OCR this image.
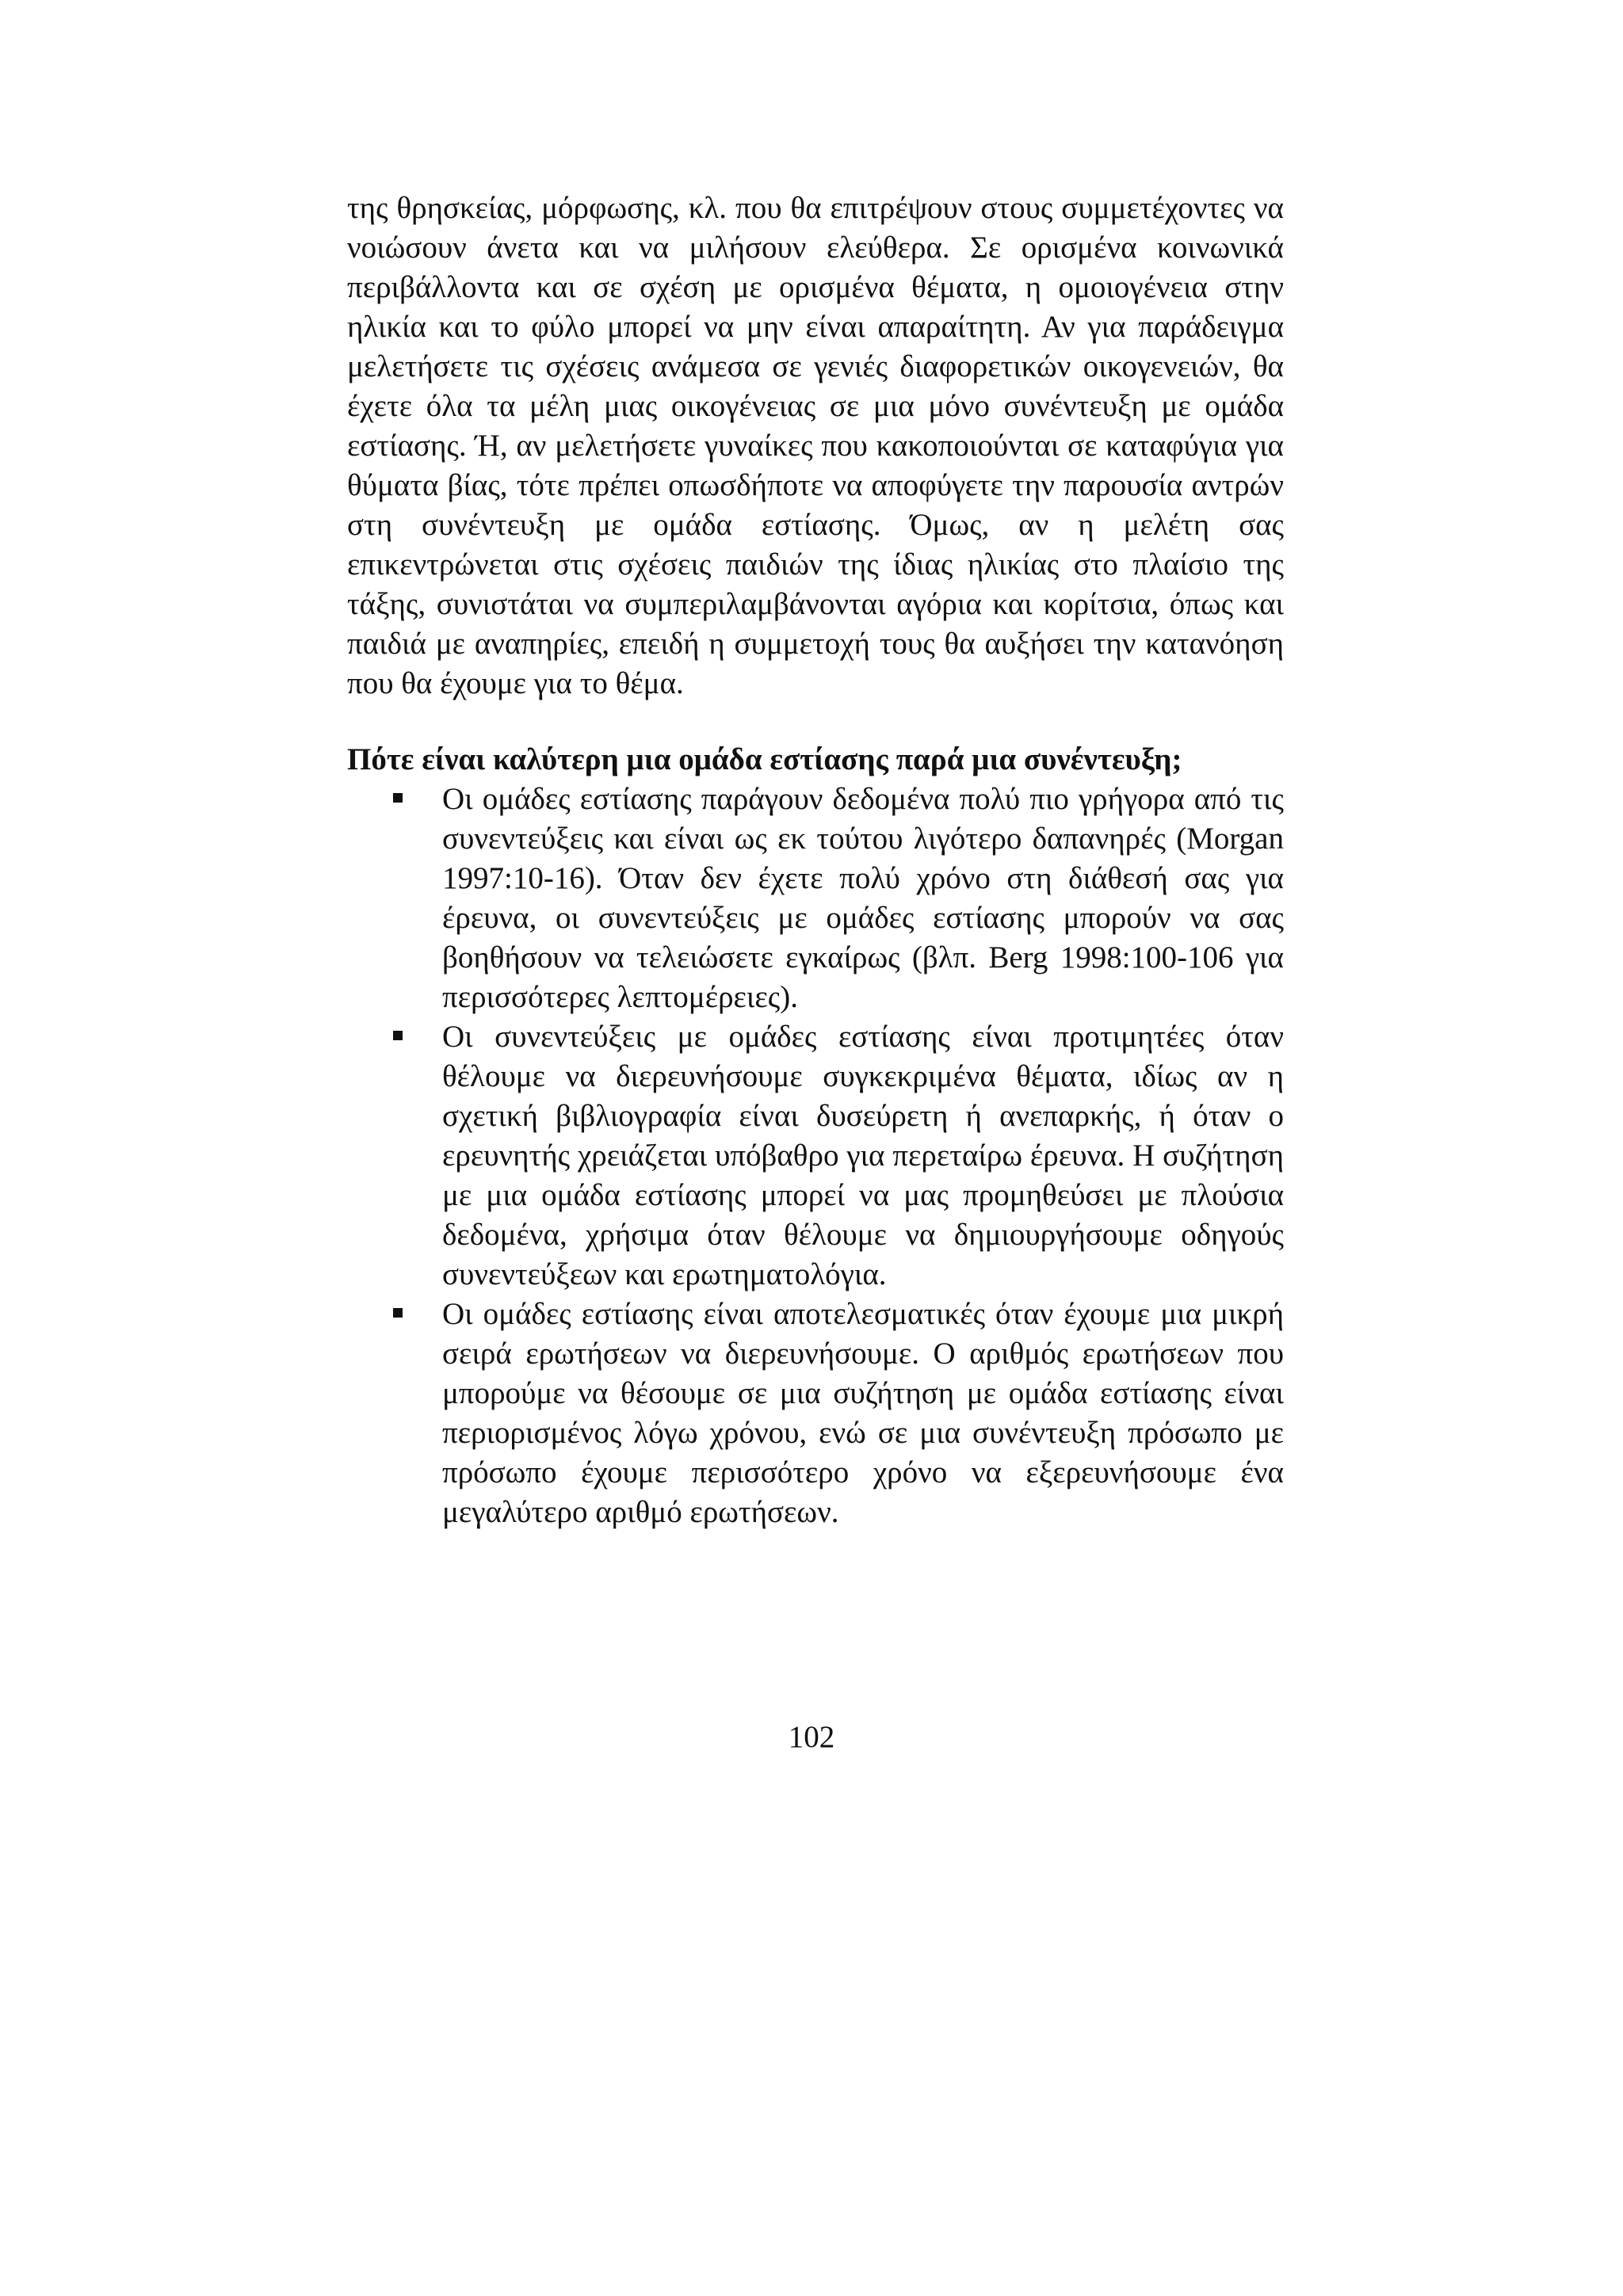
της θρησκείας, μόρφωσης, κλ. που θα επιτρέψουν στους συμμετέχοντες να νοιώσουν άνετα και να μιλήσουν ελεύθερα. Σε ορισμένα κοινωνικά περιβάλλοντα και σε σχέση με ορισμένα θέματα, η ομοιογένεια στην ηλικία και το φύλο μπορεί να μην είναι απαραίτητη. Αν για παράδειγμα μελετήσετε τις σχέσεις ανάμεσα σε γενιές διαφορετικών οικογενειών, θα έχετε όλα τα μέλη μιας οικογένειας σε μια μόνο συνέντευξη με ομάδα εστίασης. Ή, αν μελετήσετε γυναίκες που κακοποιούνται σε καταφύγια για θύματα βίας, τότε πρέπει οπωσδήποτε να αποφύγετε την παρουσία αντρών στη συνέντευξη με ομάδα εστίασης. Όμως, αν η μελέτη σας επικεντρώνεται στις σχέσεις παιδιών της ίδιας ηλικίας στο πλαίσιο της τάξης, συνιστάται να συμπεριλαμβάνονται αγόρια και κορίτσια, όπως και παιδιά με αναπηρίες, επειδή η συμμετοχή τους θα αυξήσει την κατανόηση που θα έχουμε για το θέμα.

Πότε είναι καλύτερη μια ομάδα εστίασης παρά μια συνέντευξη;

Οι ομάδες εστίασης παράγουν δεδομένα πολύ πιο γρήγορα από τις συνεντεύξεις και είναι ως εκ τούτου λιγότερο δαπανηρές (Morgan 1997:10-16). Όταν δεν έχετε πολύ χρόνο στη διάθεσή σας για έρευνα, οι συνεντεύξεις με ομάδες εστίασης μπορούν να σας βοηθήσουν να τελειώσετε εγκαίρως (βλπ. Berg 1998:100-106 για περισσότερες λεπτομέρειες).
Οι συνεντεύξεις με ομάδες εστίασης είναι προτιμητέες όταν θέλουμε να διερευνήσουμε συγκεκριμένα θέματα, ιδίως αν η σχετική βιβλιογραφία είναι δυσεύρετη ή ανεπαρκής, ή όταν ο ερευνητής χρειάζεται υπόβαθρο για περεταίρω έρευνα. Η συζήτηση με μια ομάδα εστίασης μπορεί να μας προμηθεύσει με πλούσια δεδομένα, χρήσιμα όταν θέλουμε να δημιουργήσουμε οδηγούς συνεντεύξεων και ερωτηματολόγια.
Οι ομάδες εστίασης είναι αποτελεσματικές όταν έχουμε μια μικρή σειρά ερωτήσεων να διερευνήσουμε. Ο αριθμός ερωτήσεων που μπορούμε να θέσουμε σε μια συζήτηση με ομάδα εστίασης είναι περιορισμένος λόγω χρόνου, ενώ σε μια συνέντευξη πρόσωπο με πρόσωπο έχουμε περισσότερο χρόνο να εξερευνήσουμε ένα μεγαλύτερο αριθμό ερωτήσεων.
102
